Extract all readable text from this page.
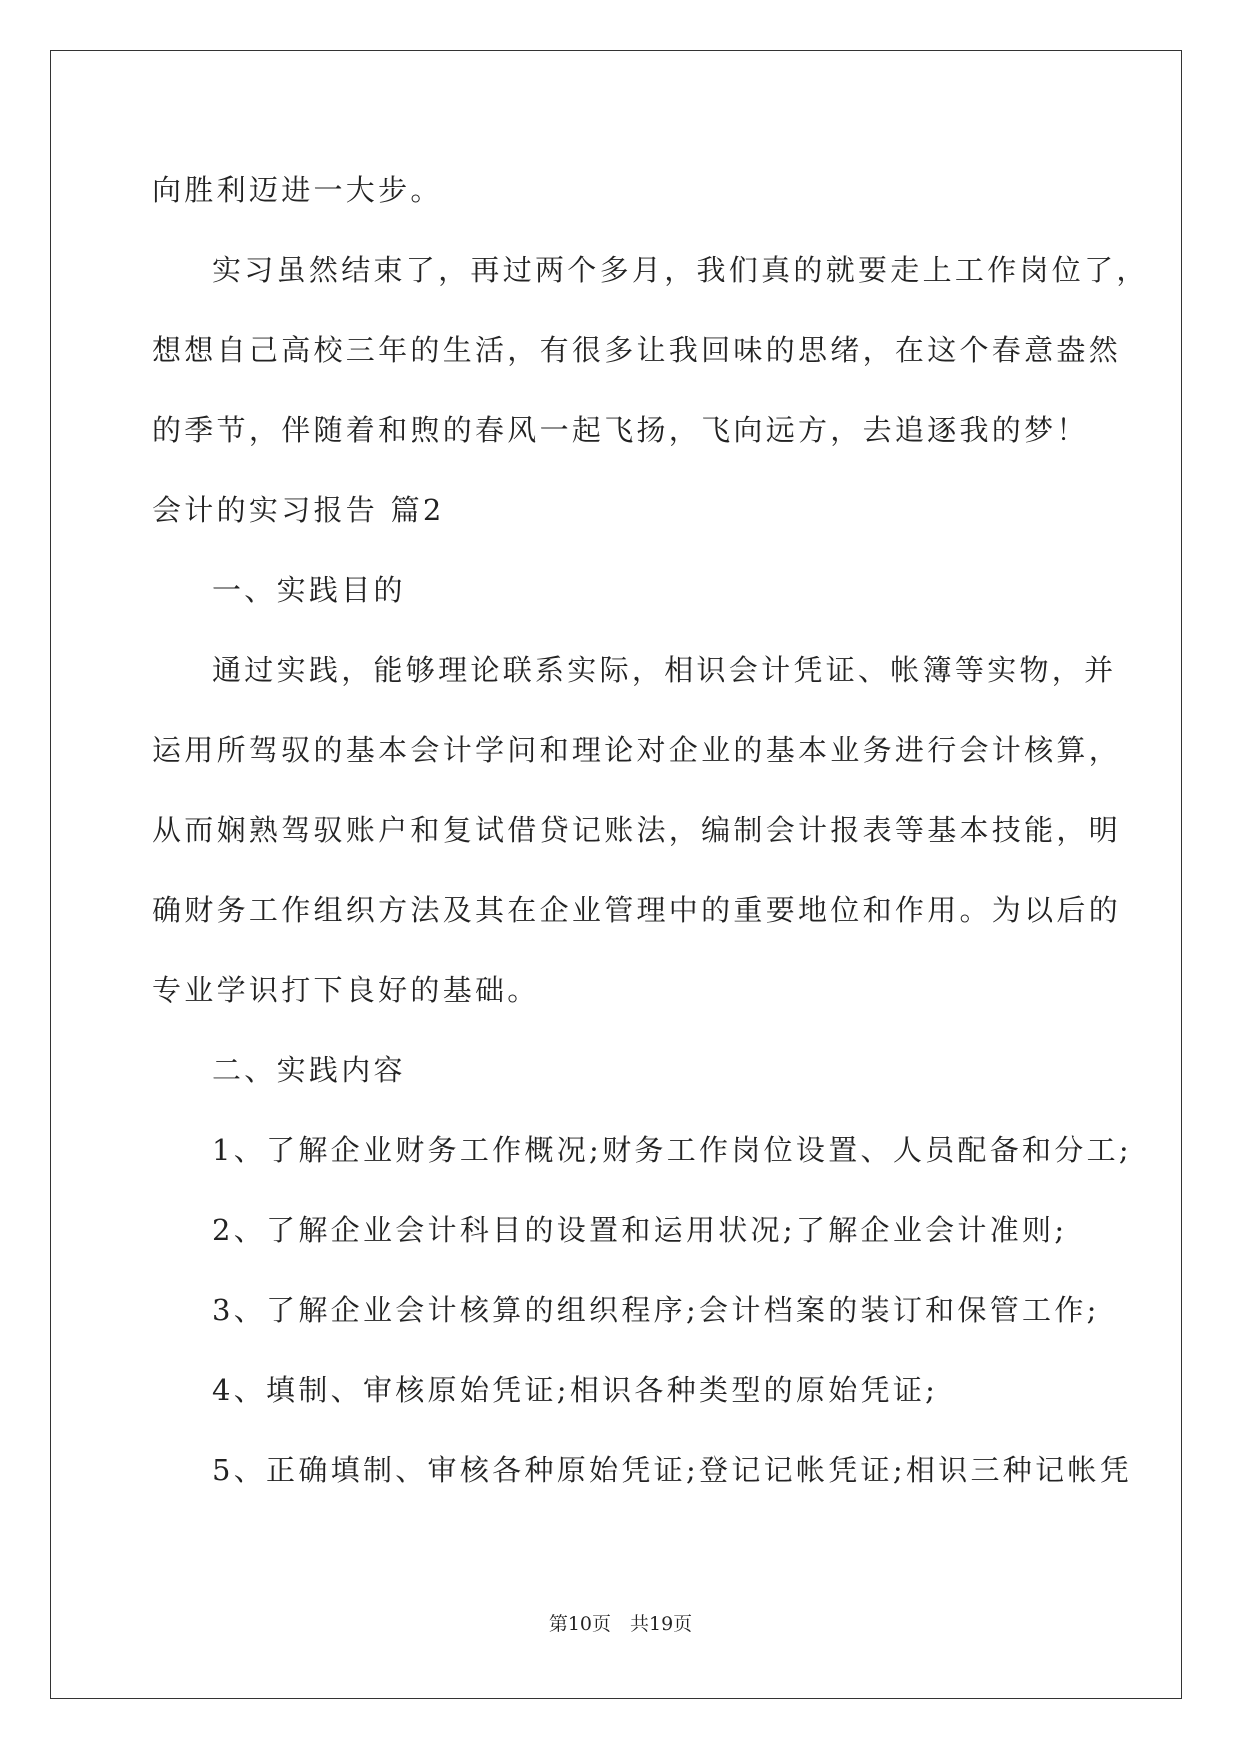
向胜利迈进一大步。
实习虽然结束了，再过两个多月，我们真的就要走上工作岗位了，
想想自己高校三年的生活，有很多让我回味的思绪，在这个春意盎然
的季节，伴随着和煦的春风一起飞扬，飞向远方，去追逐我的梦！
会计的实习报告 篇2
一、实践目的
通过实践，能够理论联系实际，相识会计凭证、帐簿等实物，并
运用所驾驭的基本会计学问和理论对企业的基本业务进行会计核算，
从而娴熟驾驭账户和复试借贷记账法，编制会计报表等基本技能，明
确财务工作组织方法及其在企业管理中的重要地位和作用。为以后的
专业学识打下良好的基础。
二、实践内容
1、了解企业财务工作概况;财务工作岗位设置、人员配备和分工;
2、了解企业会计科目的设置和运用状况;了解企业会计准则;
3、了解企业会计核算的组织程序;会计档案的装订和保管工作;
4、填制、审核原始凭证;相识各种类型的原始凭证;
5、正确填制、审核各种原始凭证;登记记帐凭证;相识三种记帐凭
第10页　共19页
